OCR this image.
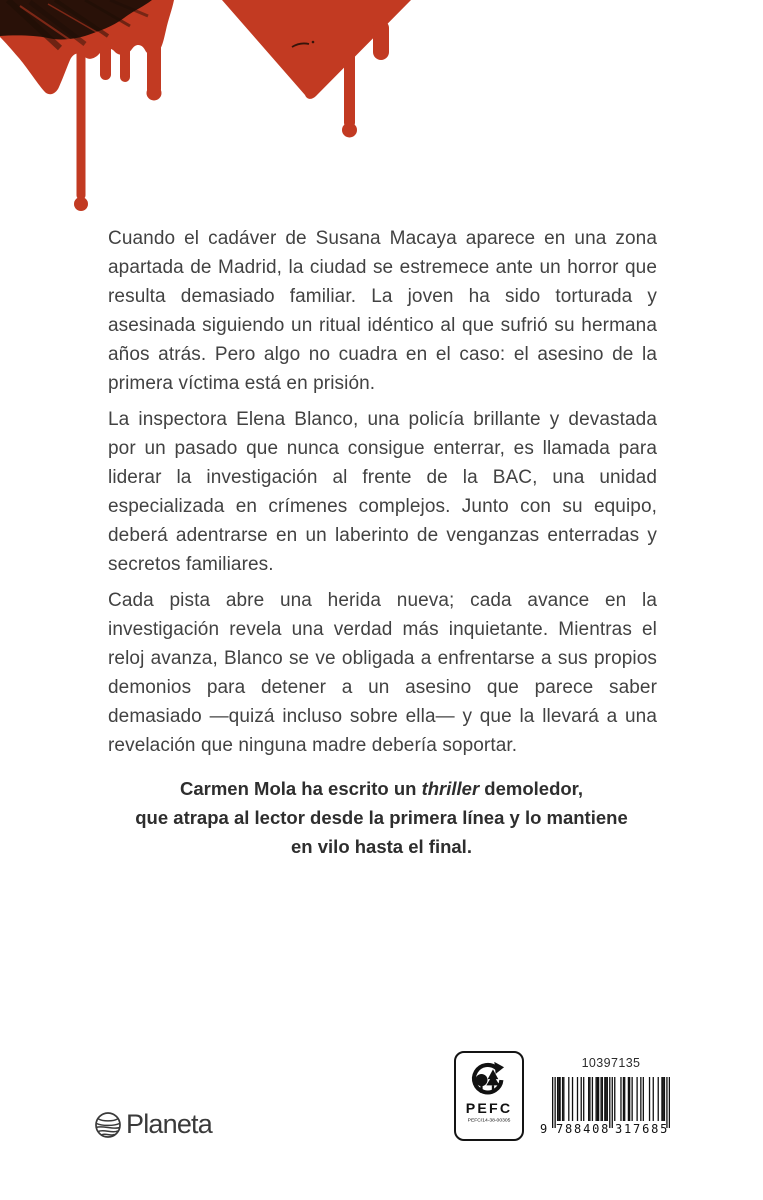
Cuando el cadáver de Susana Macaya aparece en una zona apartada de Madrid, la ciudad se estremece ante un horror que resulta demasiado familiar. La joven ha sido torturada y asesinada siguiendo un ritual idéntico al que sufrió su hermana años atrás. Pero algo no cuadra en el caso: el asesino de la primera víctima está en prisión.

La inspectora Elena Blanco, una policía brillante y devastada por un pasado que nunca consigue enterrar, es llamada para liderar la investigación al frente de la BAC, una unidad especializada en crímenes complejos. Junto con su equipo, deberá adentrarse en un laberinto de venganzas enterradas y secretos familiares.

Cada pista abre una herida nueva; cada avance en la investigación revela una verdad más inquietante. Mientras el reloj avanza, Blanco se ve obligada a enfrentarse a sus propios demonios para detener a un asesino que parece saber demasiado —quizá incluso sobre ella— y que la llevará a una revelación que ninguna madre debería soportar.

Carmen Mola ha escrito un thriller demoledor,
que atrapa al lector desde la primera línea y lo mantiene
en vilo hasta el final.
Planeta
PEFC
PEFC/14-38-00305
10397135
9 788408 317685
